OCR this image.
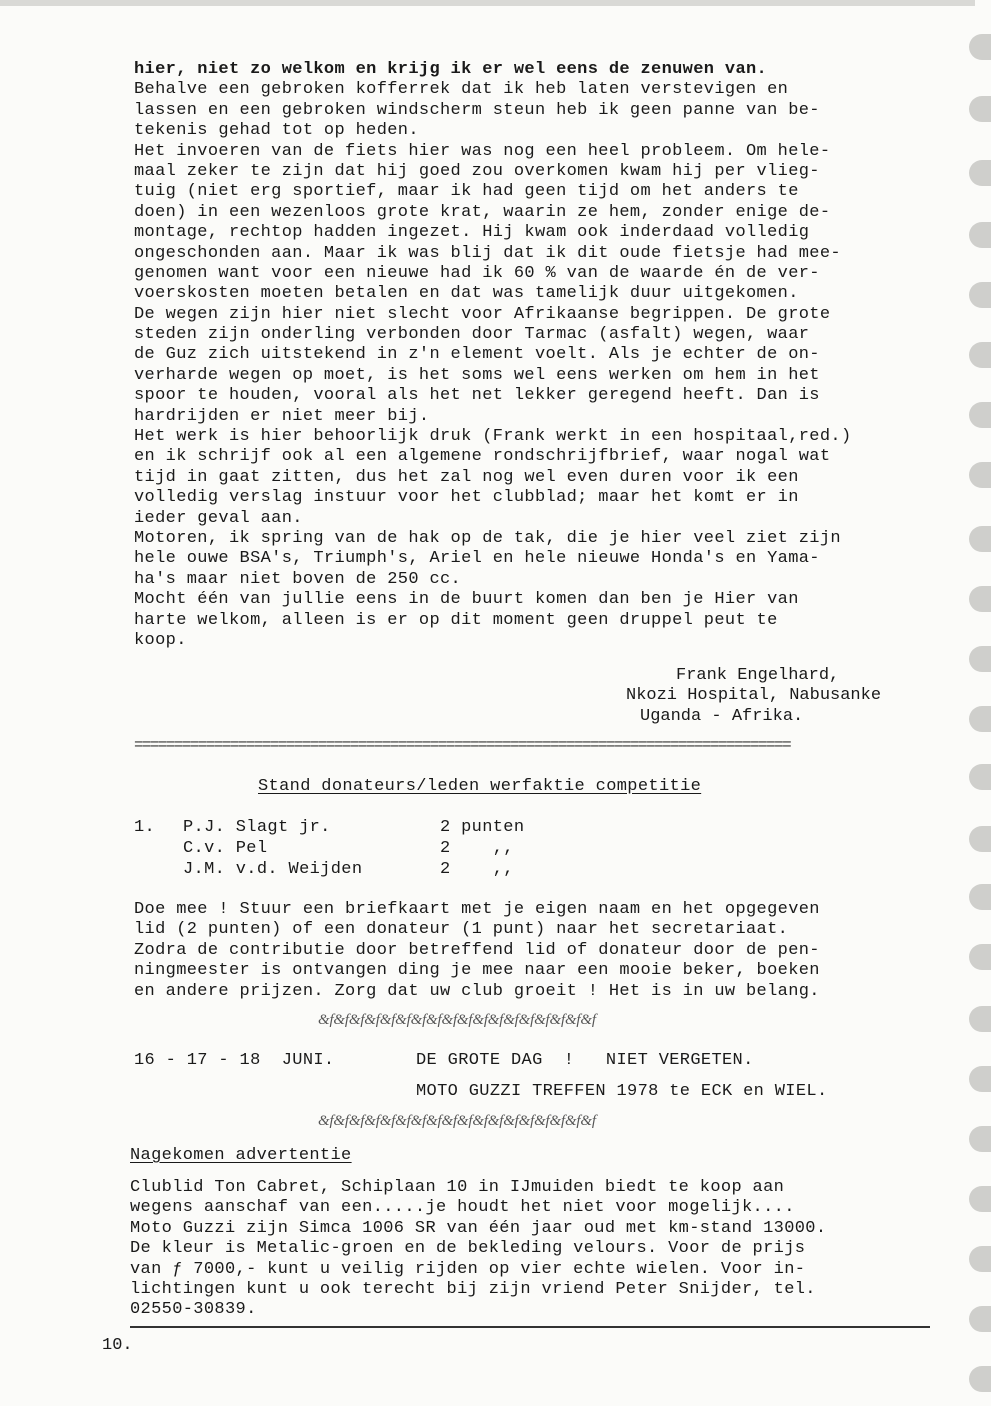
hier, niet zo welkom en krijg ik er wel eens de zenuwen van.
Behalve een gebroken kofferrek dat ik heb laten verstevigen en
lassen en een gebroken windscherm steun heb ik geen panne van be-
tekenis gehad tot op heden.
Het invoeren van de fiets hier was nog een heel probleem. Om hele-
maal zeker te zijn dat hij goed zou overkomen kwam hij per vlieg-
tuig (niet erg sportief, maar ik had geen tijd om het anders te
doen) in een wezenloos grote krat, waarin ze hem, zonder enige de-
montage, rechtop hadden ingezet. Hij kwam ook inderdaad volledig
ongeschonden aan. Maar ik was blij dat ik dit oude fietsje had mee-
genomen want voor een nieuwe had ik 60 % van de waarde én de ver-
voerskosten moeten betalen en dat was tamelijk duur uitgekomen.
De wegen zijn hier niet slecht voor Afrikaanse begrippen. De grote
steden zijn onderling verbonden door Tarmac (asfalt) wegen, waar
de Guz zich uitstekend in z'n element voelt. Als je echter de on-
verharde wegen op moet, is het soms wel eens werken om hem in het
spoor te houden, vooral als het net lekker geregend heeft. Dan is
hardrijden er niet meer bij.
Het werk is hier behoorlijk druk (Frank werkt in een hospitaal,red.)
en ik schrijf ook al een algemene rondschrijfbrief, waar nogal wat
tijd in gaat zitten, dus het zal nog wel even duren voor ik een
volledig verslag instuur voor het clubblad; maar het komt er in
ieder geval aan.
Motoren, ik spring van de hak op de tak, die je hier veel ziet zijn
hele ouwe BSA's, Triumph's, Ariel en hele nieuwe Honda's en Yama-
ha's maar niet boven de 250 cc.
Mocht één van jullie eens in de buurt komen dan ben je Hier van
harte welkom, alleen is er op dit moment geen druppel peut te
koop.
Frank Engelhard,
Nkozi Hospital, Nabusanke
Uganda - Afrika.
==================================================================================
Stand donateurs/leden werfaktie competitie
1. P.J. Slagt jr.	2 punten
C.v. Pel	2    ,,
J.M. v.d. Weijden	2    ,,
Doe mee ! Stuur een briefkaart met je eigen naam en het opgegeven
lid (2 punten) of een donateur (1 punt) naar het secretariaat.
Zodra de contributie door betreffend lid of donateur door de pen-
ningmeester is ontvangen ding je mee naar een mooie beker, boeken
en andere prijzen. Zorg dat uw club groeit ! Het is in uw belang.
&f&f&f&f&f&f&f&f&f&f&f&f&f&f&f&f&f&f
16 - 17 - 18  JUNI.	DE GROTE DAG  !   NIET VERGETEN.
MOTO GUZZI TREFFEN 1978 te ECK en WIEL.
&f&f&f&f&f&f&f&f&f&f&f&f&f&f&f&f&f&f
Nagekomen advertentie
Clublid Ton Cabret, Schiplaan 10 in IJmuiden biedt te koop aan
wegens aanschaf van een.....je houdt het niet voor mogelijk....
Moto Guzzi zijn Simca 1006 SR van één jaar oud met km-stand 13000.
De kleur is Metalic-groen en de bekleding velours. Voor de prijs
van ƒ 7000,- kunt u veilig rijden op vier echte wielen. Voor in-
lichtingen kunt u ook terecht bij zijn vriend Peter Snijder, tel.
02550-30839.
10.
